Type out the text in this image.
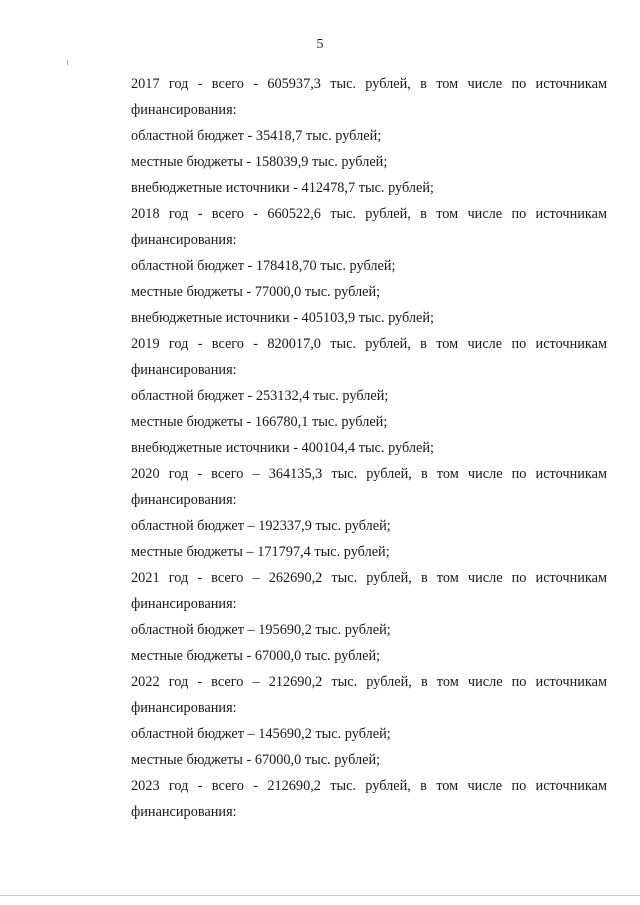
5
2017 год - всего - 605937,3 тыс. рублей, в том числе по источникам
финансирования:
областной бюджет - 35418,7 тыс. рублей;
местные бюджеты - 158039,9 тыс. рублей;
внебюджетные источники - 412478,7 тыс. рублей;
2018 год - всего - 660522,6 тыс. рублей, в том числе по источникам
финансирования:
областной бюджет - 178418,70 тыс. рублей;
местные бюджеты - 77000,0 тыс. рублей;
внебюджетные источники - 405103,9 тыс. рублей;
2019 год - всего - 820017,0 тыс. рублей, в том числе по источникам
финансирования:
областной бюджет - 253132,4 тыс. рублей;
местные бюджеты - 166780,1 тыс. рублей;
внебюджетные источники - 400104,4 тыс. рублей;
2020 год - всего – 364135,3 тыс. рублей, в том числе по источникам
финансирования:
областной бюджет – 192337,9 тыс. рублей;
местные бюджеты – 171797,4 тыс. рублей;
2021 год - всего – 262690,2 тыс. рублей, в том числе по источникам
финансирования:
областной бюджет – 195690,2 тыс. рублей;
местные бюджеты - 67000,0 тыс. рублей;
2022 год - всего – 212690,2 тыс. рублей, в том числе по источникам
финансирования:
областной бюджет – 145690,2 тыс. рублей;
местные бюджеты - 67000,0 тыс. рублей;
2023 год - всего - 212690,2 тыс. рублей, в том числе по источникам
финансирования:
